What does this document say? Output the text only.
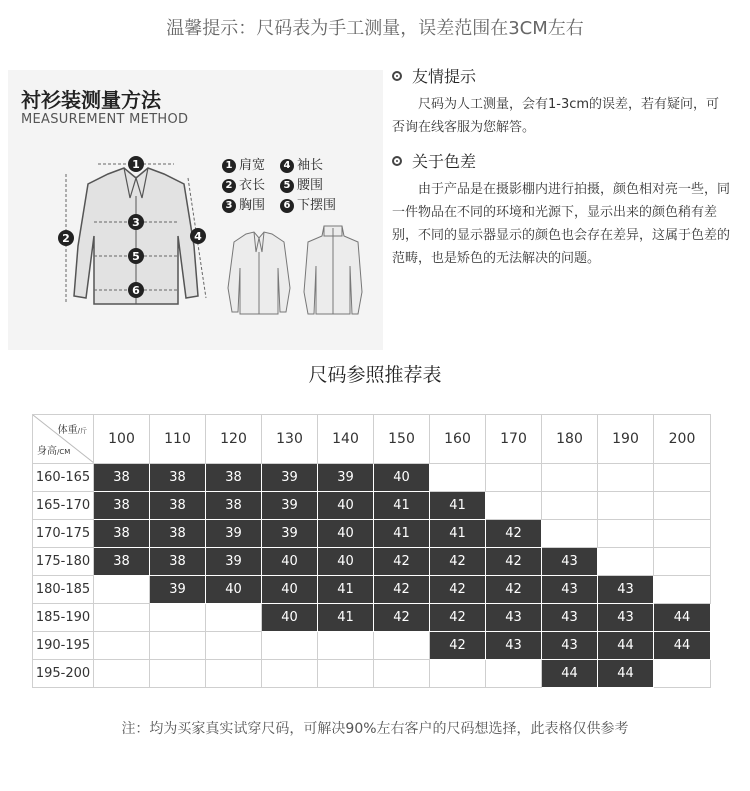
温馨提示：尺码表为手工测量，误差范围在3CM左右
衬衫装测量方法
MEASUREMENT METHOD
1
2
3
4
5
6
1 肩宽	4 袖长
2 衣长	5 腰围
3 胸围	6 下摆围
友情提示
尺码为人工测量，会有1-3cm的误差，若有疑问，可否询在线客服为您解答。
关于色差
由于产品是在摄影棚内进行拍摄，颜色相对亮一些，同一件物品在不同的环境和光源下，显示出来的颜色稍有差别，不同的显示器显示的颜色也会存在差异，这属于色差的范畴，也是矫色的无法解决的问题。
尺码参照推荐表
体重/斤
身高/CM	100	110	120	130	140	150	160	170	180	190	200
160-165	38	38	38	39	39	40					
165-170	38	38	38	39	40	41	41				
170-175	38	38	39	39	40	41	41	42			
175-180	38	38	39	40	40	42	42	42	43		
180-185		39	40	40	41	42	42	42	43	43	
185-190				40	41	42	42	43	43	43	44
190-195							42	43	43	44	44
195-200									44	44	
注：均为买家真实试穿尺码，可解决90%左右客户的尺码想选择，此表格仅供参考
